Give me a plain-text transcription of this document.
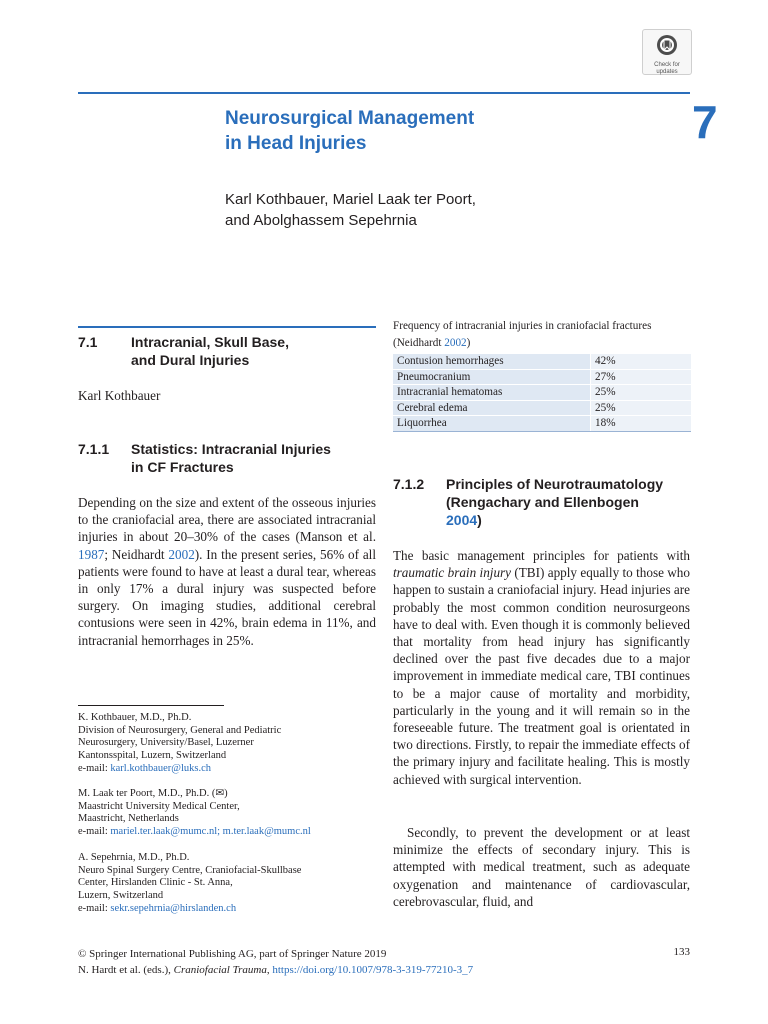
Check for
updates
7
Neurosurgical Management
in Head Injuries
Karl Kothbauer, Mariel Laak ter Poort,
and Abolghassem Sepehrnia
7.1 Intracranial, Skull Base,
and Dural Injuries
Karl Kothbauer
7.1.1 Statistics: Intracranial Injuries
in CF Fractures
Depending on the size and extent of the osseous injuries to the craniofacial area, there are associated intracranial injuries in about 20–30% of the cases (Manson et al. 1987; Neidhardt 2002). In the present series, 56% of all patients were found to have at least a dural tear, whereas in only 17% a dural injury was suspected before surgery. On imaging studies, additional cerebral contusions were seen in 42%, brain edema in 11%, and intracranial hemorrhages in 25%.
K. Kothbauer, M.D., Ph.D.
Division of Neurosurgery, General and Pediatric
Neurosurgery, University/Basel, Luzerner
Kantonsspital, Luzern, Switzerland
e-mail: karl.kothbauer@luks.ch
M. Laak ter Poort, M.D., Ph.D. (✉)
Maastricht University Medical Center,
Maastricht, Netherlands
e-mail: mariel.ter.laak@mumc.nl; m.ter.laak@mumc.nl
A. Sepehrnia, M.D., Ph.D.
Neuro Spinal Surgery Centre, Craniofacial-Skullbase
Center, Hirslanden Clinic - St. Anna,
Luzern, Switzerland
e-mail: sekr.sepehrnia@hirslanden.ch
Frequency of intracranial injuries in craniofacial fractures
(Neidhardt 2002)
Contusion hemorrhages	42%
Pneumocranium	27%
Intracranial hematomas	25%
Cerebral edema	25%
Liquorrhea	18%
7.1.2 Principles of Neurotraumatology
(Rengachary and Ellenbogen
2004)
The basic management principles for patients with traumatic brain injury (TBI) apply equally to those who happen to sustain a craniofacial injury. Head injuries are probably the most common condition neurosurgeons have to deal with. Even though it is commonly believed that mortality from head injury has significantly declined over the past five decades due to a major improvement in immediate medical care, TBI continues to be a major cause of mortality and morbidity, particularly in the young and it will remain so in the foreseeable future. The treatment goal is orientated in two directions. Firstly, to repair the immediate effects of the primary injury and facilitate healing. This is mostly achieved with surgical intervention.
Secondly, to prevent the development or at least minimize the effects of secondary injury. This is attempted with medical treatment, such as adequate oxygenation and maintenance of cardiovascular, cerebrovascular, fluid, and
© Springer International Publishing AG, part of Springer Nature 2019
N. Hardt et al. (eds.), Craniofacial Trauma, https://doi.org/10.1007/978-3-319-77210-3_7
133
